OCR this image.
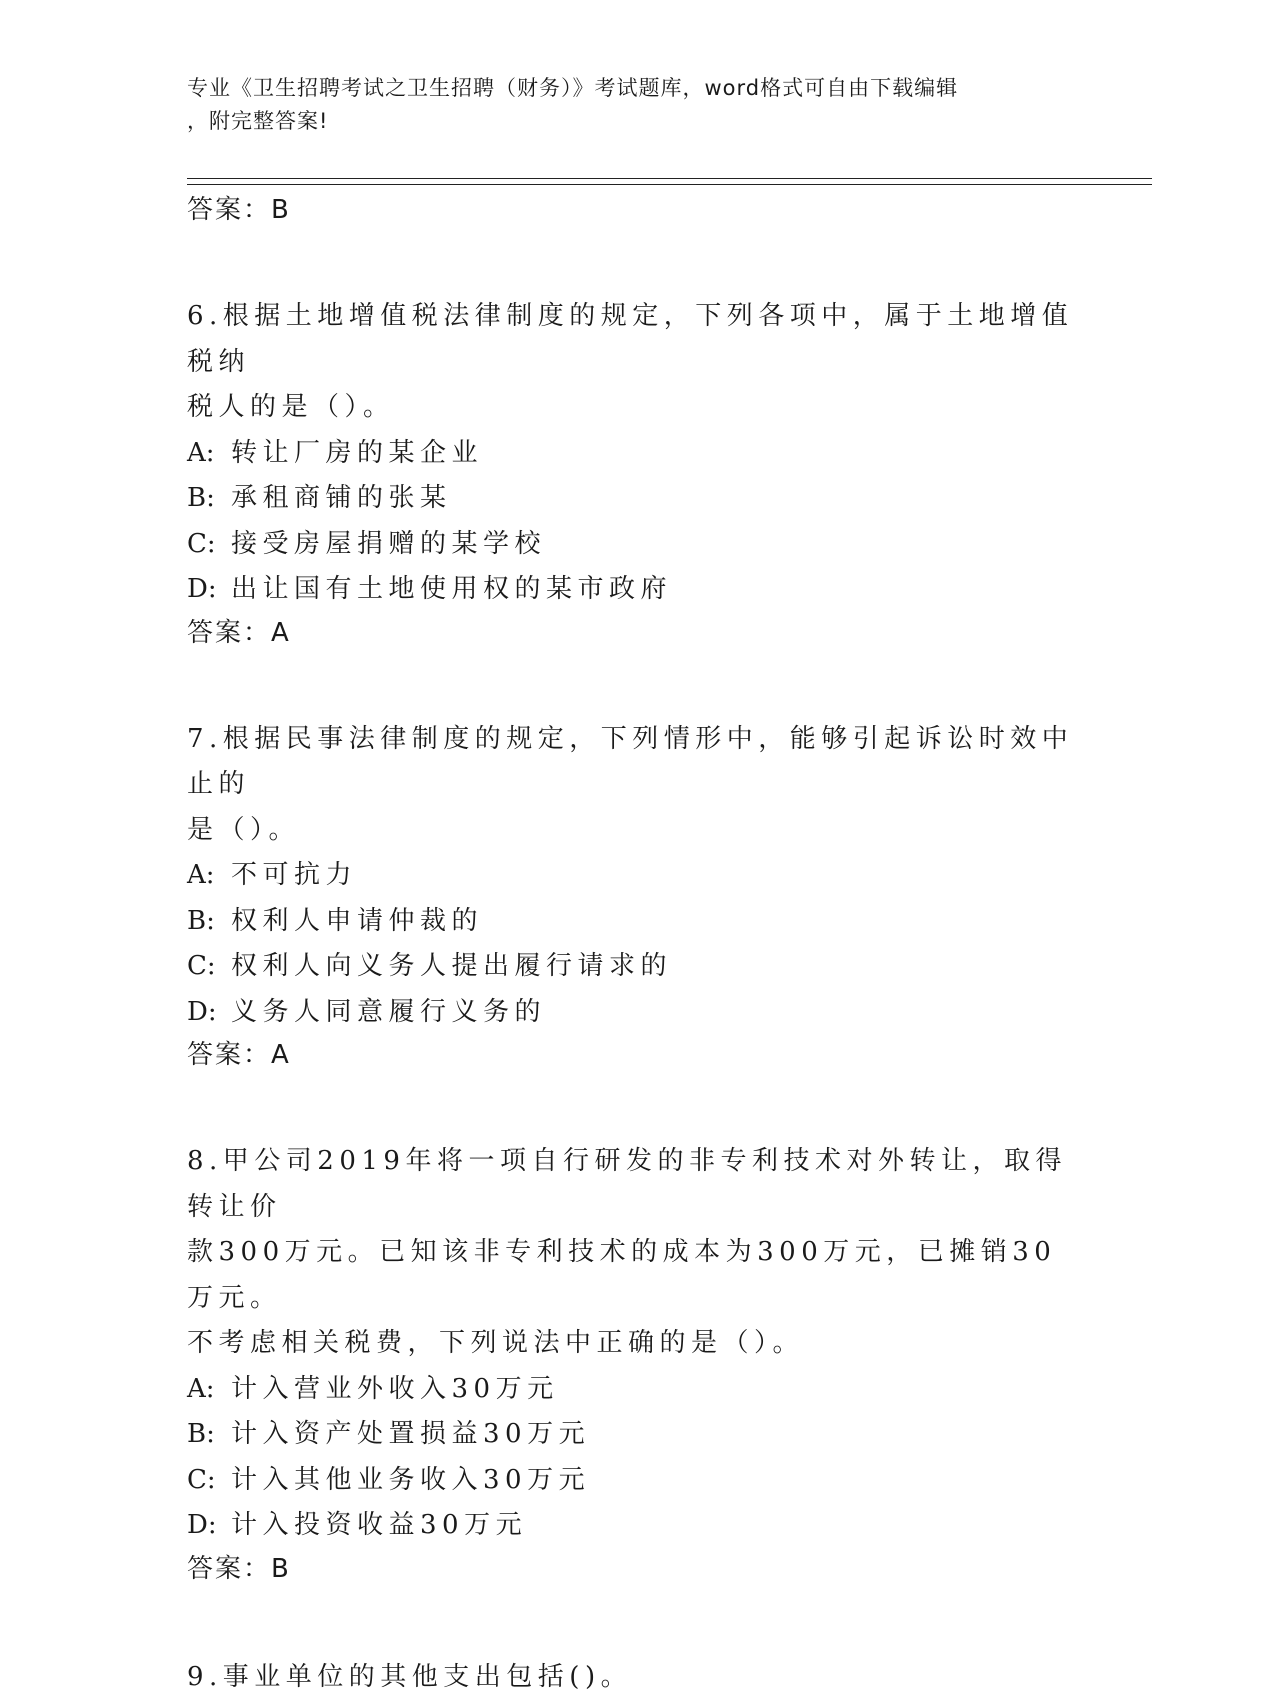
专业《卫生招聘考试之卫生招聘（财务）》考试题库，word格式可自由下载编辑
，附完整答案!
答案：B

6.根据土地增值税法律制度的规定，下列各项中，属于土地增值税纳

税人的是（）。

A: 转让厂房的某企业

B: 承租商铺的张某

C: 接受房屋捐赠的某学校

D: 出让国有土地使用权的某市政府

答案：A

7.根据民事法律制度的规定，下列情形中，能够引起诉讼时效中止的

是（）。

A: 不可抗力

B: 权利人申请仲裁的

C: 权利人向义务人提出履行请求的

D: 义务人同意履行义务的

答案：A

8.甲公司2019年将一项自行研发的非专利技术对外转让，取得转让价

款300万元。已知该非专利技术的成本为300万元，已摊销30万元。

不考虑相关税费，下列说法中正确的是（）。

A: 计入营业外收入30万元

B: 计入资产处置损益30万元

C: 计入其他业务收入30万元

D: 计入投资收益30万元

答案：B

9.事业单位的其他支出包括()。
